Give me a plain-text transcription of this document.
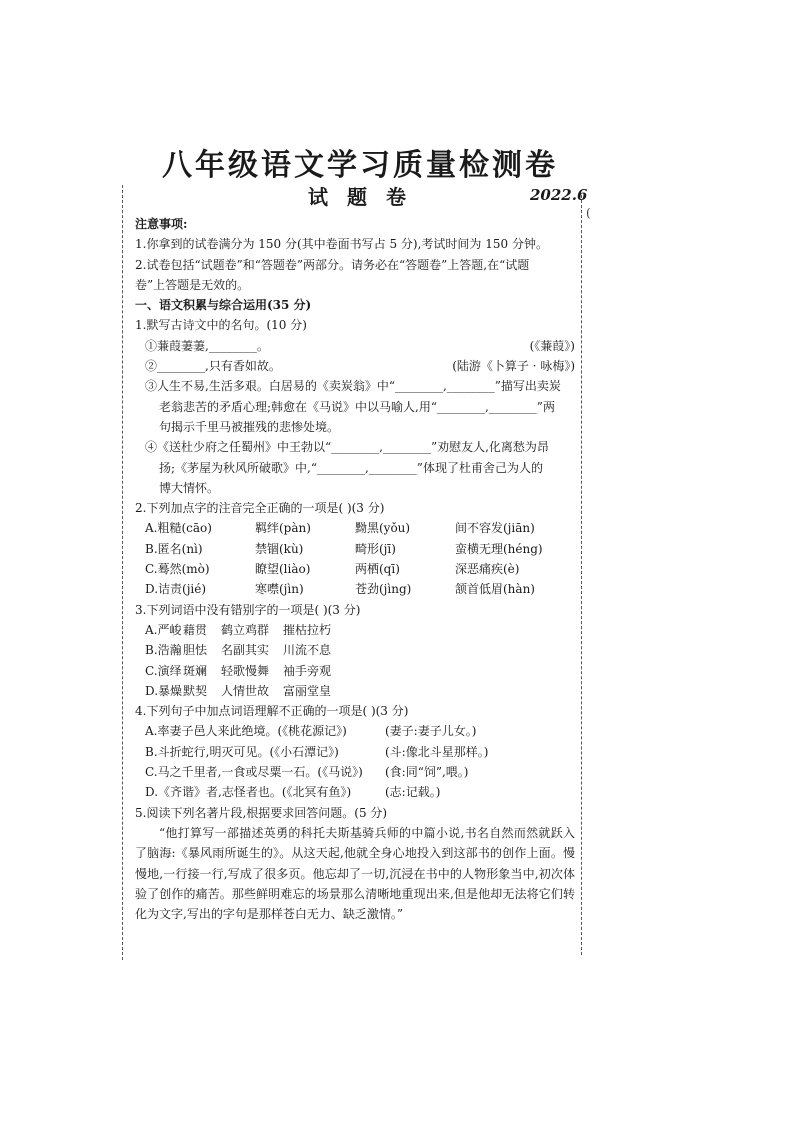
(
八年级语文学习质量检测卷
试 题 卷	2022.6

注意事项:

1.你拿到的试卷满分为 150 分(其中卷面书写占 5 分),考试时间为 150 分钟。

2.试卷包括“试题卷”和“答题卷”两部分。请务必在“答题卷”上答题,在“试题

卷”上答题是无效的。

一、语文积累与综合运用(35 分)

1.默写古诗文中的名句。(10 分)

①蒹葭萋萋,________。	(《蒹葭》)
②________,只有香如故。	(陆游《卜算子 · 咏梅》)

③人生不易,生活多艰。白居易的《卖炭翁》中“________,________”描写出卖炭

老翁悲苦的矛盾心理;韩愈在《马说》中以马喻人,用“________,________”两

句揭示千里马被摧残的悲惨处境。

④《送杜少府之任蜀州》中王勃以“________,________”劝慰友人,化离愁为昂

扬;《茅屋为秋风所破歌》中,“________,________”体现了杜甫舍己为人的

博大情怀。

2.下列加点字的注音完全正确的一项是( )(3 分)

A.粗糙(cāo)	羁绊(pàn)	黝黑(yǒu)	间不容发(jiān)
B.匿名(nì)	禁锢(kù)	畸形(jī)	蛮横无理(héng)
C.蓦然(mò)	瞭望(liào)	两栖(qī)	深恶痛疾(è)
D.诘责(jié)	寒噤(jìn)	苍劲(jìng)	颔首低眉(hàn)

3.下列词语中没有错别字的一项是( )(3 分)

A.严峻 藉贯 鹤立鸡群 摧枯拉朽
B.浩瀚胆怯 名副其实 川流不息
C.演绎斑斓 轻歌慢舞 袖手旁观
D.暴燥默契 人情世故 富丽堂皇

4.下列句子中加点词语理解不正确的一项是( )(3 分)

A.率妻子邑人来此绝境。(《桃花源记》)	(妻子:妻子儿女。)
B.斗折蛇行,明灭可见。(《小石潭记》)	(斗:像北斗星那样。)
C.马之千里者,一食或尽粟一石。(《马说》) (食:同“饲”,喂。)
D.《齐谐》者,志怪者也。(《北冥有鱼》)	(志:记载。)

5.阅读下列名著片段,根据要求回答问题。(5 分)

“他打算写一部描述英勇的科托夫斯基骑兵师的中篇小说,书名自然而然就跃入了脑海:《暴风雨所诞生的》。从这天起,他就全身心地投入到这部书的创作上面。慢慢地,一行接一行,写成了很多页。他忘却了一切,沉浸在书中的人物形象当中,初次体验了创作的痛苦。那些鲜明难忘的场景那么清晰地重现出来,但是他却无法将它们转化为文字,写出的字句是那样苍白无力、缺乏激情。”
